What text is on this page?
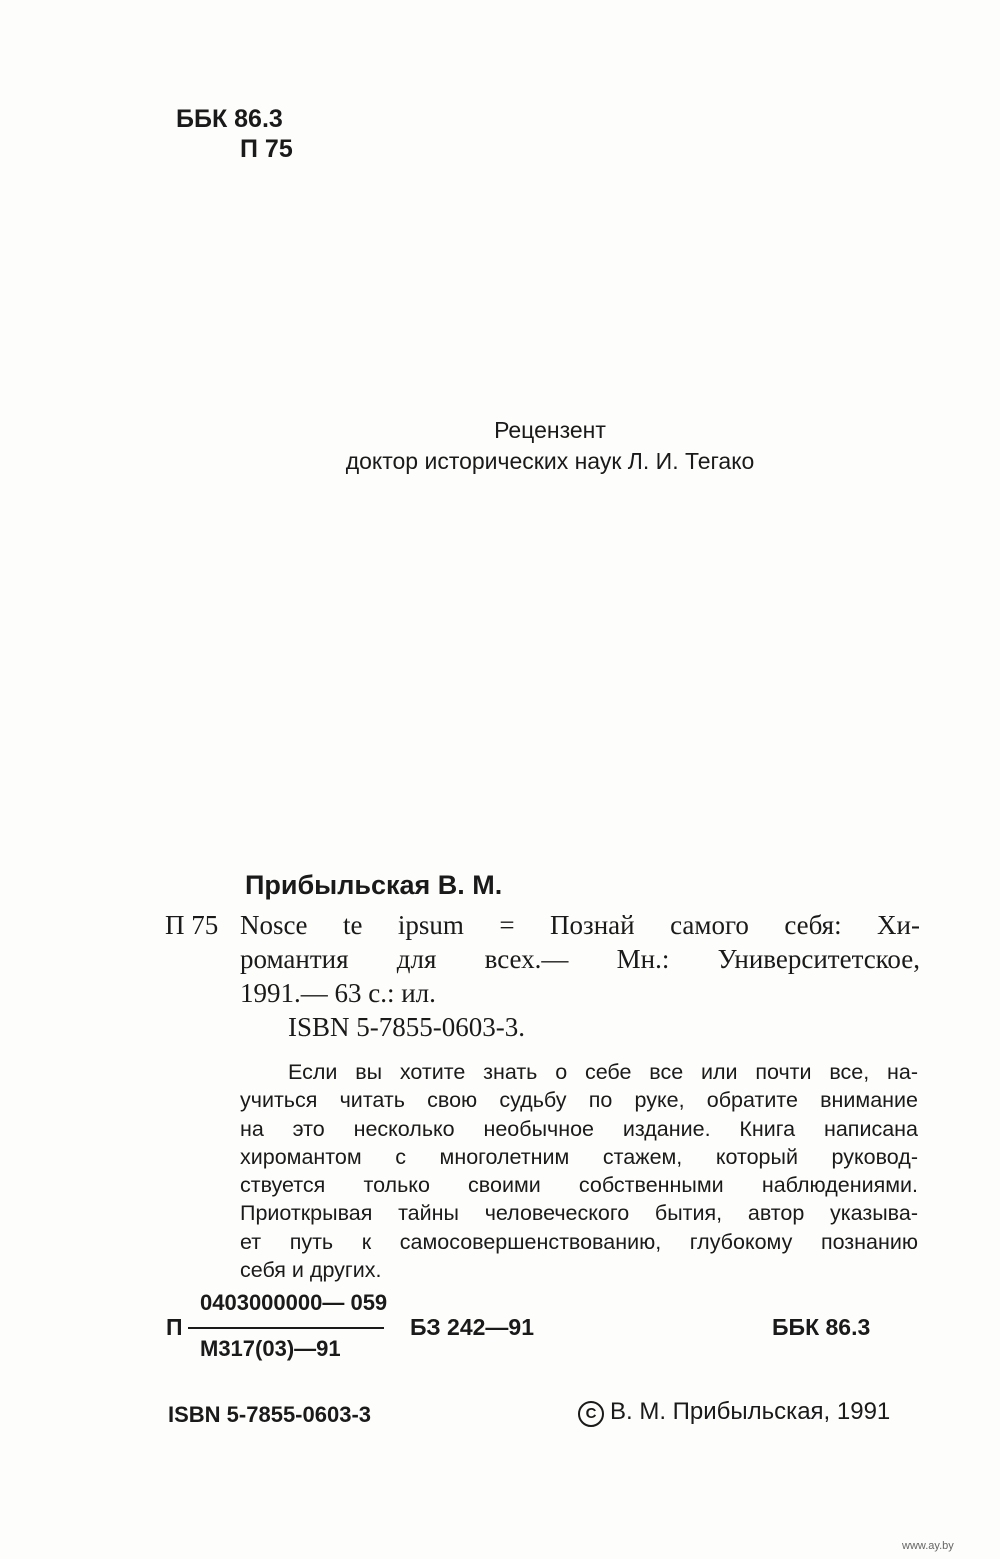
ББК 86.3
П 75
Рецензент
доктор исторических наук Л. И. Тегако
Прибыльская В. М.
П 75 Nosce te ipsum = Познай самого себя: Хи-
романтия для всех.— Мн.: Университетское,
1991.— 63 с.: ил.
ISBN 5-7855-0603-3.
Если вы хотите знать о себе все или почти все, на-
учиться читать свою судьбу по руке, обратите внимание
на это несколько необычное издание. Книга написана
хиромантом с многолетним стажем, который руковод-
ствуется только своими собственными наблюдениями.
Приоткрывая тайны человеческого бытия, автор указыва-
ет путь к самосовершенствованию, глубокому познанию
себя и других.
П
0403000000— 059
М317(03)—91
БЗ 242—91	ББК 86.3
ISBN 5-7855-0603-3	C В. М. Прибыльская, 1991
www.ay.by
